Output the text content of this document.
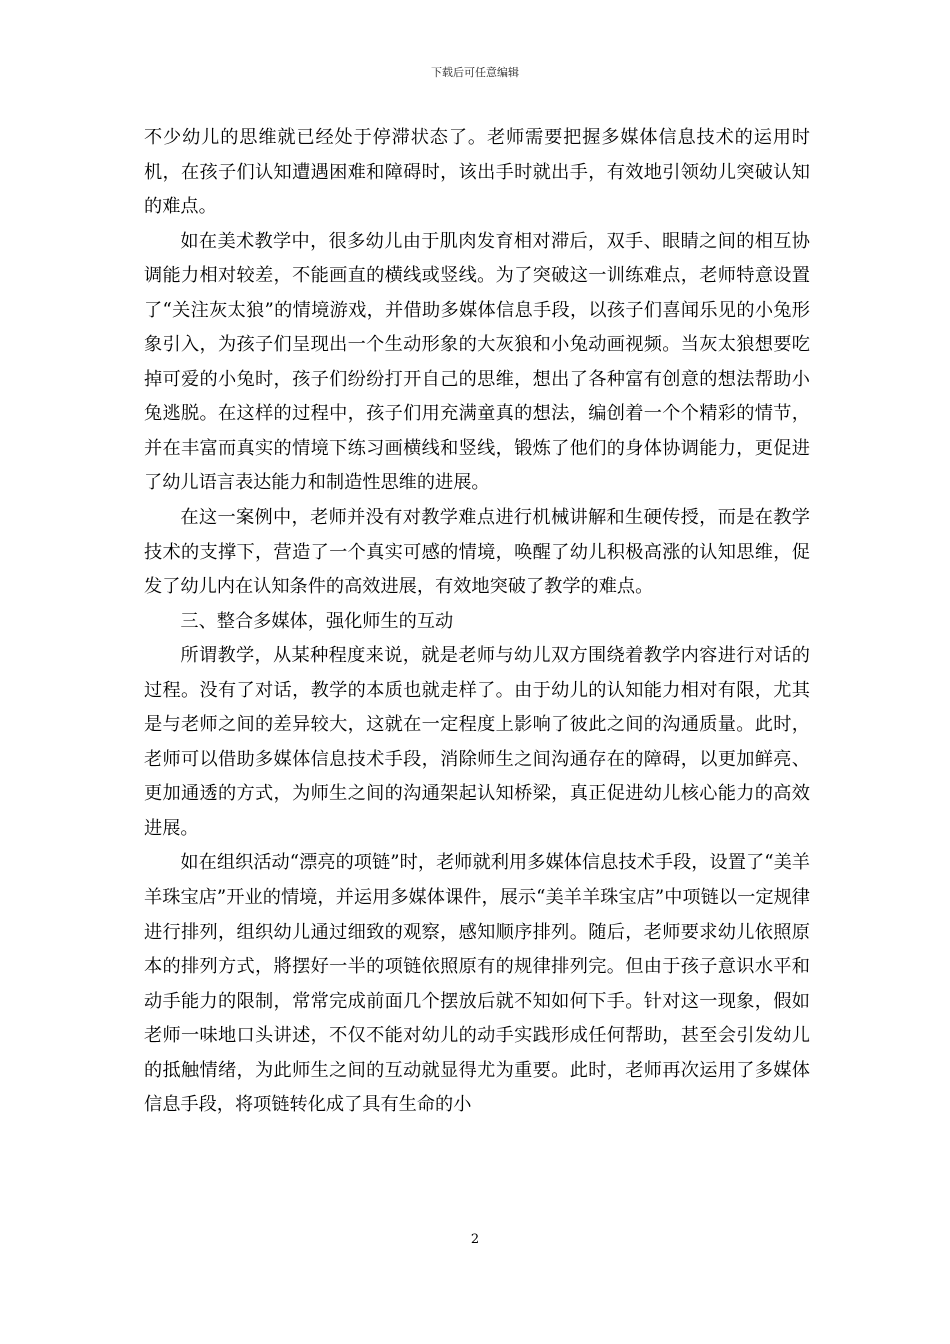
下载后可任意编辑

不少幼儿的思维就已经处于停滞状态了。老师需要把握多媒体信息技术的运用时机，在孩子们认知遭遇困难和障碍时，该出手时就出手，有效地引领幼儿突破认知的难点。

如在美术教学中，很多幼儿由于肌肉发育相对滞后，双手、眼睛之间的相互协调能力相对较差，不能画直的横线或竖线。为了突破这一训练难点，老师特意设置了“关注灰太狼”的情境游戏，并借助多媒体信息手段，以孩子们喜闻乐见的小兔形象引入，为孩子们呈现出一个生动形象的大灰狼和小兔动画视频。当灰太狼想要吃掉可爱的小兔时，孩子们纷纷打开自己的思维，想出了各种富有创意的想法帮助小兔逃脱。在这样的过程中，孩子们用充满童真的想法，编创着一个个精彩的情节，并在丰富而真实的情境下练习画横线和竖线，锻炼了他们的身体协调能力，更促进了幼儿语言表达能力和制造性思维的进展。

在这一案例中，老师并没有对教学难点进行机械讲解和生硬传授，而是在教学技术的支撑下，营造了一个真实可感的情境，唤醒了幼儿积极高涨的认知思维，促发了幼儿内在认知条件的高效进展，有效地突破了教学的难点。

三、整合多媒体，强化师生的互动

所谓教学，从某种程度来说，就是老师与幼儿双方围绕着教学内容进行对话的过程。没有了对话，教学的本质也就走样了。由于幼儿的认知能力相对有限，尤其是与老师之间的差异较大，这就在一定程度上影响了彼此之间的沟通质量。此时，老师可以借助多媒体信息技术手段，消除师生之间沟通存在的障碍，以更加鲜亮、更加通透的方式，为师生之间的沟通架起认知桥梁，真正促进幼儿核心能力的高效进展。

如在组织活动“漂亮的项链”时，老师就利用多媒体信息技术手段，设置了“美羊羊珠宝店”开业的情境，并运用多媒体课件，展示“美羊羊珠宝店”中项链以一定规律进行排列，组织幼儿通过细致的观察，感知顺序排列。随后，老师要求幼儿依照原本的排列方式，將摆好一半的项链依照原有的规律排列完。但由于孩子意识水平和动手能力的限制，常常完成前面几个摆放后就不知如何下手。针对这一现象，假如老师一味地口头讲述，不仅不能对幼儿的动手实践形成任何帮助，甚至会引发幼儿的抵触情绪，为此师生之间的互动就显得尤为重要。此时，老师再次运用了多媒体信息手段，将项链转化成了具有生命的小

2
